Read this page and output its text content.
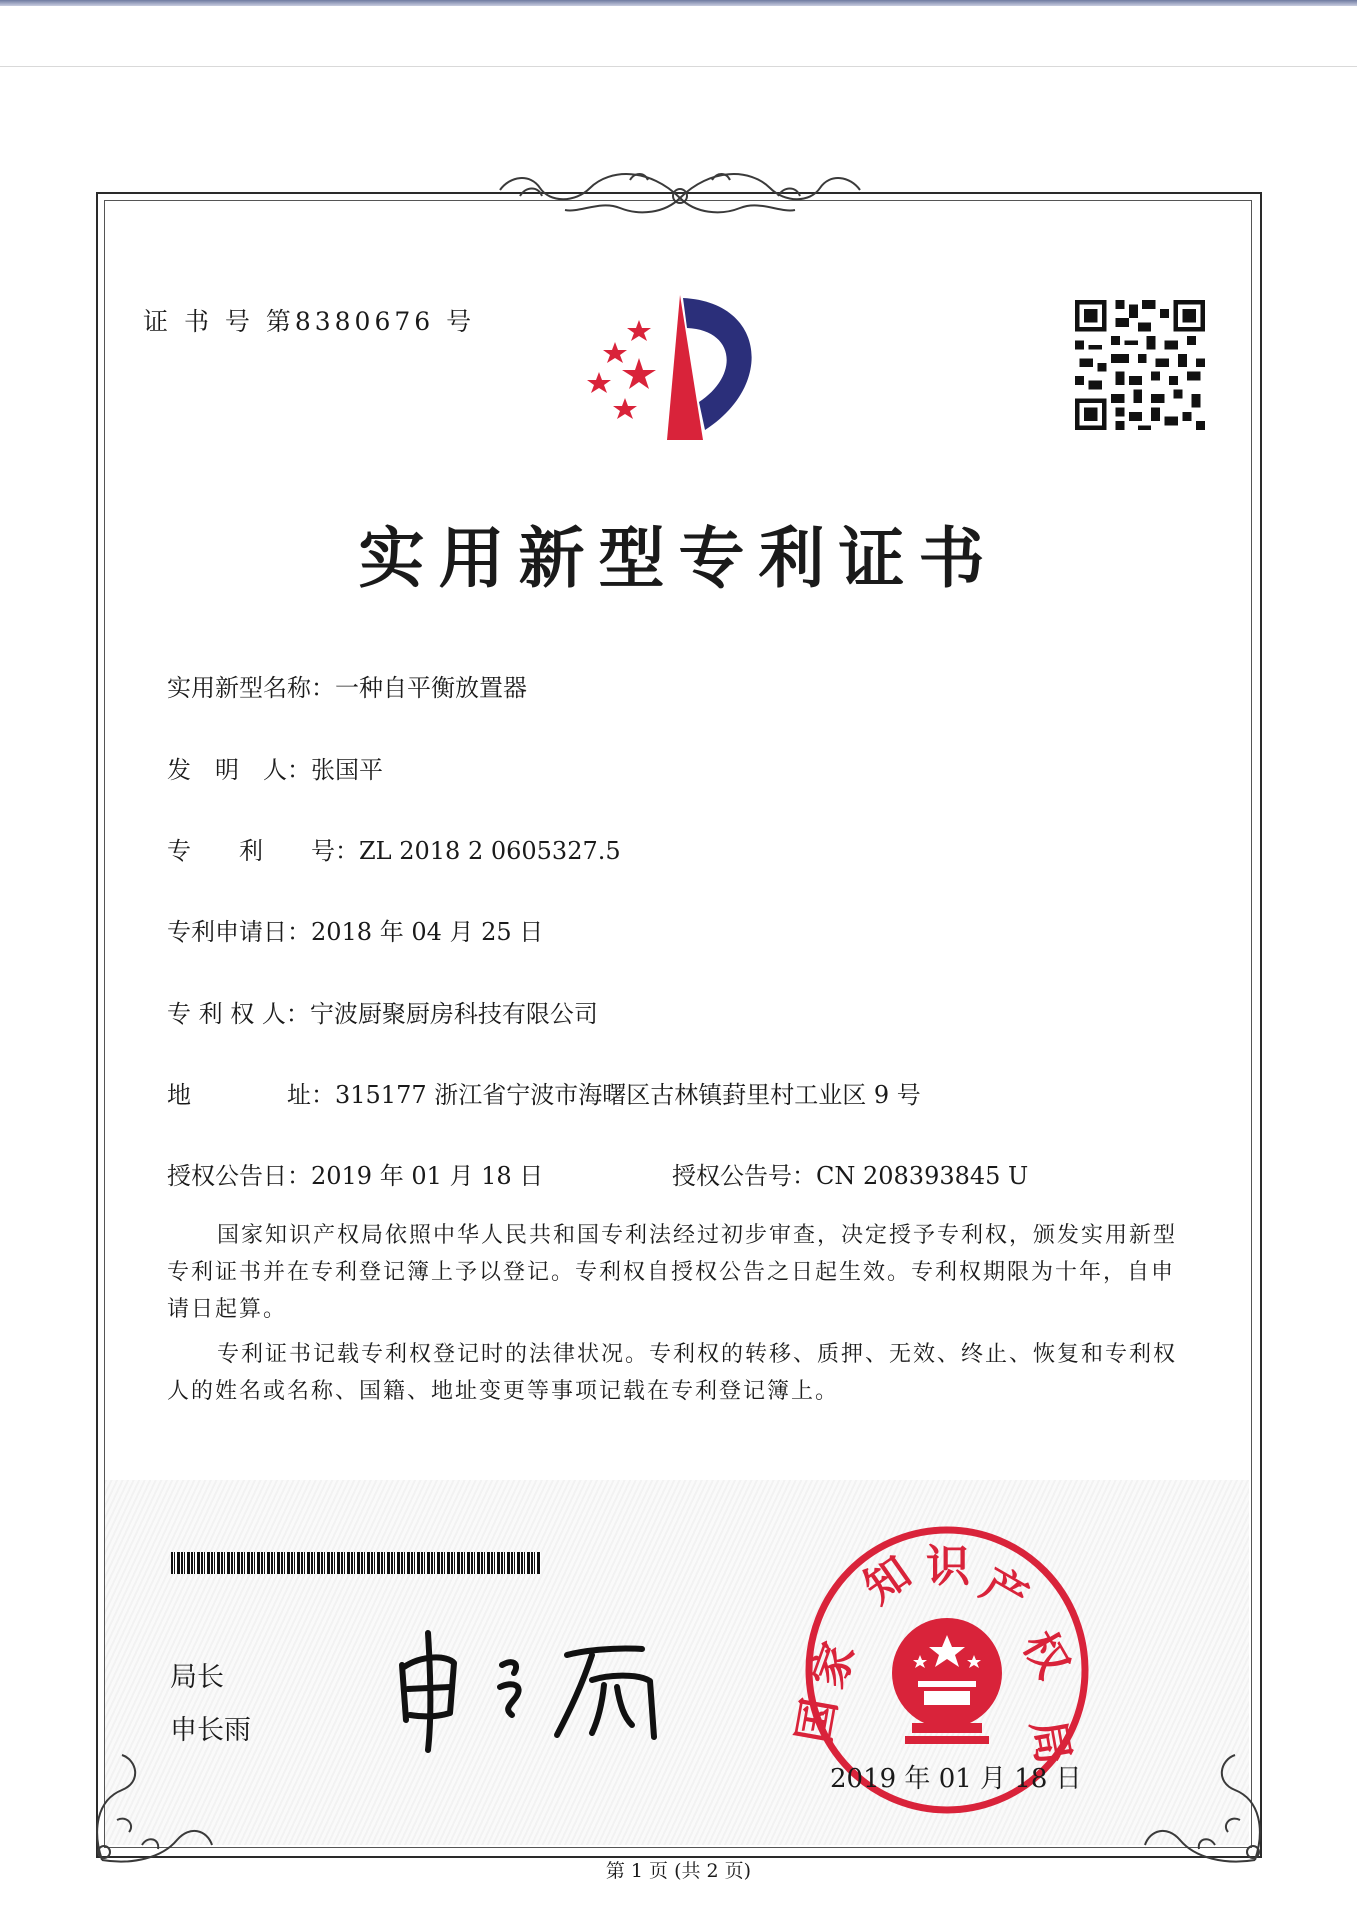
证 书 号 第8380676 号
实用新型专利证书
实用新型名称：一种自平衡放置器
发　明　人：张国平
专　　利　　号：ZL 2018 2 0605327.5
专利申请日：2018 年 04 月 25 日
专 利 权 人：宁波厨聚厨房科技有限公司
地　　　　址：315177 浙江省宁波市海曙区古林镇葑里村工业区 9 号
授权公告日：2019 年 01 月 18 日	授权公告号：CN 208393845 U
国家知识产权局依照中华人民共和国专利法经过初步审查，决定授予专利权，颁发实用新型专利证书并在专利登记簿上予以登记。专利权自授权公告之日起生效。专利权期限为十年，自申请日起算。
专利证书记载专利权登记时的法律状况。专利权的转移、质押、无效、终止、恢复和专利权人的姓名或名称、国籍、地址变更等事项记载在专利登记簿上。
局长
申长雨
家
知 识 产
权
局
国
2019 年 01 月 18 日
第 1 页 (共 2 页)
